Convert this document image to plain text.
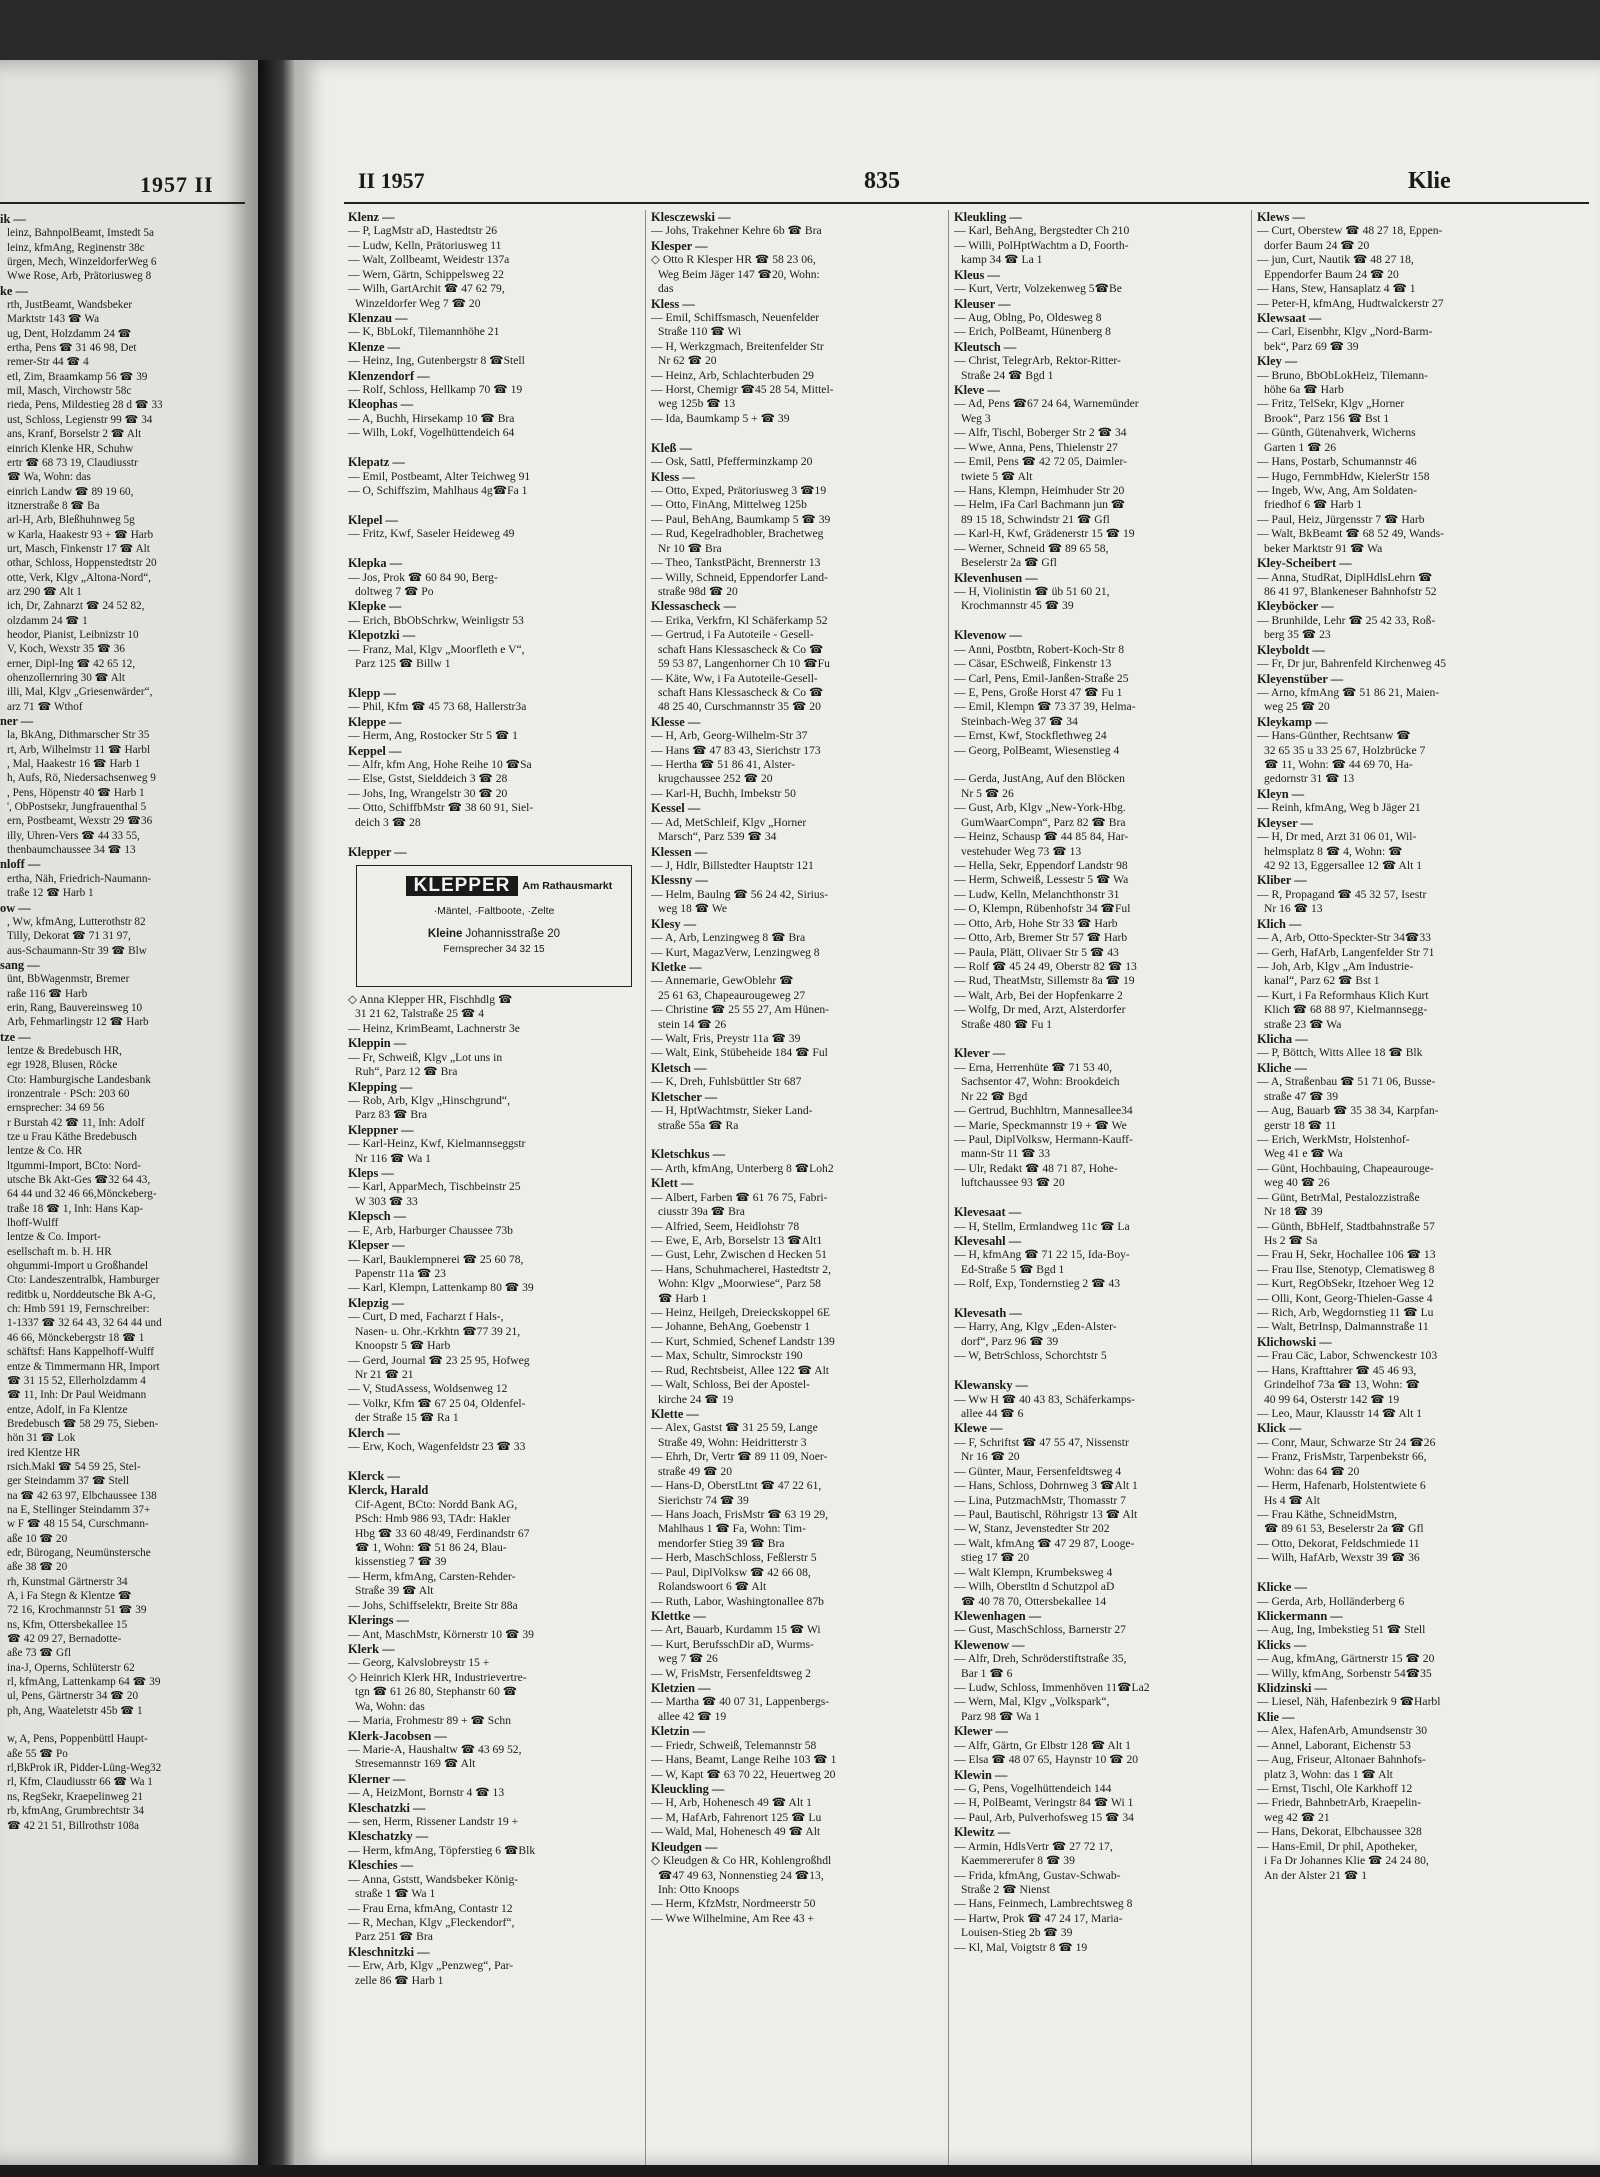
1957 II
ik —
leinz, BahnpolBeamt, Imstedt 5a
leinz, kfmAng, Reginenstr 38c
ürgen, Mech, WinzeldorferWeg 6
Wwe Rose, Arb, Prätoriusweg 8
ke —
rth, JustBeamt, Wandsbeker
Marktstr 143 ☎ Wa
ug, Dent, Holzdamm 24 ☎
ertha, Pens ☎ 31 46 98, Det
remer-Str 44 ☎ 4
etl, Zim, Braamkamp 56 ☎ 39
mil, Masch, Virchowstr 58c
rieda, Pens, Mildestieg 28 d ☎ 33
ust, Schloss, Legienstr 99 ☎ 34
ans, Kranf, Borselstr 2 ☎ Alt
einrich Klenke HR, Schuhw
ertr ☎ 68 73 19, Claudiusstr
☎ Wa, Wohn: das
einrich Landw ☎ 89 19 60,
itznerstraße 8 ☎ Ba
arl-H, Arb, Bleßhuhnweg 5g
w Karla, Haakestr 93 + ☎ Harb
urt, Masch, Finkenstr 17 ☎ Alt
othar, Schloss, Hoppenstedtstr 20
otte, Verk, Klgv „Altona-Nord“,
arz 290 ☎ Alt 1
ich, Dr, Zahnarzt ☎ 24 52 82,
olzdamm 24 ☎ 1
heodor, Pianist, Leibnizstr 10
V, Koch, Wexstr 35 ☎ 36
erner, Dipl-Ing ☎ 42 65 12,
ohenzollernring 30 ☎ Alt
illi, Mal, Klgv „Griesenwärder“,
arz 71 ☎ Wthof
ner —
la, BkAng, Dithmarscher Str 35
rt, Arb, Wilhelmstr 11 ☎ Harbl
, Mal, Haakestr 16 ☎ Harb 1
h, Aufs, Rö, Niedersachsenweg 9
, Pens, Höpenstr 40 ☎ Harb 1
', ObPostsekr, Jungfrauenthal 5
ern, Postbeamt, Wexstr 29 ☎36
illy, Uhren-Vers ☎ 44 33 55,
thenbaumchaussee 34 ☎ 13
nloff —
ertha, Näh, Friedrich-Naumann-
traße 12 ☎ Harb 1
ow —
, Ww, kfmAng, Lutterothstr 82
Tilly, Dekorat ☎ 71 31 97,
aus-Schaumann-Str 39 ☎ Blw
sang —
ünt, BbWagenmstr, Bremer
raße 116 ☎ Harb
erin, Rang, Bauvereinsweg 10
Arb, Fehmarlingstr 12 ☎ Harb
tze —
lentze & Bredebusch HR,
egr 1928, Blusen, Röcke
Cto: Hamburgische Landesbank
ironzentrale · PSch: 203 60
ernsprecher: 34 69 56
r Burstah 42 ☎ 11, Inh: Adolf
tze u Frau Käthe Bredebusch
lentze & Co. HR
ltgummi-Import, BCto: Nord-
utsche Bk Akt-Ges ☎32 64 43,
64 44 und 32 46 66,Mönckeberg-
traße 18 ☎ 1, Inh: Hans Kap-
lhoff-Wulff
lentze & Co. Import-
esellschaft m. b. H. HR
ohgummi-Import u Großhandel
Cto: Landeszentralbk, Hamburger
reditbk u, Norddeutsche Bk A-G,
ch: Hmb 591 19, Fernschreiber:
1-1337 ☎ 32 64 43, 32 64 44 und
46 66, Mönckebergstr 18 ☎ 1
schäftsf: Hans Kappelhoff-Wulff
entze & Timmermann HR, Import
☎ 31 15 52, Ellerholzdamm 4
☎ 11, Inh: Dr Paul Weidmann
entze, Adolf, in Fa Klentze
Bredebusch ☎ 58 29 75, Sieben-
hön 31 ☎ Lok
ired Klentze HR
rsich.Makl ☎ 54 59 25, Stel-
ger Steindamm 37 ☎ Stell
na ☎ 42 63 97, Elbchaussee 138
na E, Stellinger Steindamm 37+
w F ☎ 48 15 54, Curschmann-
aße 10 ☎ 20
edr, Bürogang, Neumünstersche
aße 38 ☎ 20
rh, Kunstmal Gärtnerstr 34
A, i Fa Stegn & Klentze ☎
72 16, Krochmannstr 51 ☎ 39
ns, Kfm, Ottersbekallee 15
☎ 42 09 27, Bernadotte-
aße 73 ☎ Gfl
ina-J, Operns, Schlüterstr 62
rl, kfmAng, Lattenkamp 64 ☎ 39
ul, Pens, Gärtnerstr 34 ☎ 20
ph, Ang, Waateletstr 45b ☎ 1

w, A, Pens, Poppenbüttl Haupt-
aße 55 ☎ Po
rl,BkProk iR, Pidder-Lüng-Weg32
rl, Kfm, Claudiusstr 66 ☎ Wa 1
ns, RegSekr, Kraepelinweg 21
rb, kfmAng, Grumbrechtstr 34
☎ 42 21 51, Billrothstr 108a
II 1957	835	Klie
Klenz —
— P, LagMstr aD, Hastedtstr 26
— Ludw, Kelln, Prätoriusweg 11
— Walt, Zollbeamt, Weidestr 137a
— Wern, Gärtn, Schippelsweg 22
— Wilh, GartArchit ☎ 47 62 79,
Winzeldorfer Weg 7 ☎ 20
Klenzau —
— K, BbLokf, Tilemannhöhe 21
Klenze —
— Heinz, Ing, Gutenbergstr 8 ☎Stell
Klenzendorf —
— Rolf, Schloss, Hellkamp 70 ☎ 19
Kleophas —
— A, Buchh, Hirsekamp 10 ☎ Bra
— Wilh, Lokf, Vogelhüttendeich 64

Klepatz —
— Emil, Postbeamt, Alter Teichweg 91
— O, Schiffszim, Mahlhaus 4g☎Fa 1

Klepel —
— Fritz, Kwf, Saseler Heideweg 49

Klepka —
— Jos, Prok ☎ 60 84 90, Berg-
doltweg 7 ☎ Po
Klepke —
— Erich, BbObSchrkw, Weinligstr 53
Klepotzki —
— Franz, Mal, Klgv „Moorfleth e V“,
Parz 125 ☎ Billw 1

Klepp —
— Phil, Kfm ☎ 45 73 68, Hallerstr3a
Kleppe —
— Herm, Ang, Rostocker Str 5 ☎ 1
Keppel —
— Alfr, kfm Ang, Hohe Reihe 10 ☎Sa
— Else, Gstst, Sielddeich 3 ☎ 28
— Johs, Ing, Wrangelstr 30 ☎ 20
— Otto, SchiffbMstr ☎ 38 60 91, Siel-
deich 3 ☎ 28

Klepper —
KLEPPER	Am Rathausmarkt
·Mäntel, ·Faltboote, ·Zelte
Kleine Johannisstraße 20
Fernsprecher 34 32 15
◇ Anna Klepper HR, Fischhdlg ☎
31 21 62, Talstraße 25 ☎ 4
— Heinz, KrimBeamt, Lachnerstr 3e
Kleppin —
— Fr, Schweiß, Klgv „Lot uns in
Ruh“, Parz 12 ☎ Bra
Klepping —
— Rob, Arb, Klgv „Hinschgrund“,
Parz 83 ☎ Bra
Kleppner —
— Karl-Heinz, Kwf, Kielmannseggstr
Nr 116 ☎ Wa 1
Kleps —
— Karl, ApparMech, Tischbeinstr 25
W 303 ☎ 33
Klepsch —
— E, Arb, Harburger Chaussee 73b
Klepser —
— Karl, Bauklempnerei ☎ 25 60 78,
Papenstr 11a ☎ 23
— Karl, Klempn, Lattenkamp 80 ☎ 39
Klepzig —
— Curt, D med, Facharzt f Hals-,
Nasen- u. Ohr.-Krkhtn ☎77 39 21,
Knoopstr 5 ☎ Harb
— Gerd, Journal ☎ 23 25 95, Hofweg
Nr 21 ☎ 21
— V, StudAssess, Woldsenweg 12
— Volkr, Kfm ☎ 67 25 04, Oldenfel-
der Straße 15 ☎ Ra 1
Klerch —
— Erw, Koch, Wagenfeldstr 23 ☎ 33

Klerck —
Klerck, Harald
Cif-Agent, BCto: Nordd Bank AG,
PSch: Hmb 986 93, TAdr: Hakler
Hbg ☎ 33 60 48/49, Ferdinandstr 67
☎ 1, Wohn: ☎ 51 86 24, Blau-
kissenstieg 7 ☎ 39
— Herm, kfmAng, Carsten-Rehder-
Straße 39 ☎ Alt
— Johs, Schiffselektr, Breite Str 88a
Klerings —
— Ant, MaschMstr, Körnerstr 10 ☎ 39
Klerk —
— Georg, Kalvslobreystr 15 +
◇ Heinrich Klerk HR, Industrievertre-
tgn ☎ 61 26 80, Stephanstr 60 ☎
Wa, Wohn: das
— Maria, Frohmestr 89 + ☎ Schn
Klerk-Jacobsen —
— Marie-A, Haushaltw ☎ 43 69 52,
Stresemannstr 169 ☎ Alt
Klerner —
— A, HeizMont, Bornstr 4 ☎ 13
Kleschatzki —
— sen, Herm, Rissener Landstr 19 +
Kleschatzky —
— Herm, kfmAng, Töpferstieg 6 ☎Blk
Kleschies —
— Anna, Gststt, Wandsbeker König-
straße 1 ☎ Wa 1
— Frau Erna, kfmAng, Contastr 12
— R, Mechan, Klgv „Fleckendorf“,
Parz 251 ☎ Bra
Kleschnitzki —
— Erw, Arb, Klgv „Penzweg“, Par-
zelle 86 ☎ Harb 1
Klesczewski —
— Johs, Trakehner Kehre 6b ☎ Bra
Klesper —
◇ Otto R Klesper HR ☎ 58 23 06,
Weg Beim Jäger 147 ☎20, Wohn:
das
Kless —
— Emil, Schiffsmasch, Neuenfelder
Straße 110 ☎ Wi
— H, Werkzgmach, Breitenfelder Str
Nr 62 ☎ 20
— Heinz, Arb, Schlachterbuden 29
— Horst, Chemigr ☎45 28 54, Mittel-
weg 125b ☎ 13
— Ida, Baumkamp 5 + ☎ 39

Kleß —
— Osk, Sattl, Pfefferminzkamp 20
Kless —
— Otto, Exped, Prätoriusweg 3 ☎19
— Otto, FinAng, Mittelweg 125b
— Paul, BehAng, Baumkamp 5 ☎ 39
— Rud, Kegelradhobler, Brachetweg
Nr 10 ☎ Bra
— Theo, TankstPächt, Brennerstr 13
— Willy, Schneid, Eppendorfer Land-
straße 98d ☎ 20
Klessascheck —
— Erika, Verkfrn, Kl Schäferkamp 52
— Gertrud, i Fa Autoteile - Gesell-
schaft Hans Klessascheck & Co ☎
59 53 87, Langenhorner Ch 10 ☎Fu
— Käte, Ww, i Fa Autoteile-Gesell-
schaft Hans Klessascheck & Co ☎
48 25 40, Curschmannstr 35 ☎ 20
Klesse —
— H, Arb, Georg-Wilhelm-Str 37
— Hans ☎ 47 83 43, Sierichstr 173
— Hertha ☎ 51 86 41, Alster-
krugchaussee 252 ☎ 20
— Karl-H, Buchh, Imbekstr 50
Kessel —
— Ad, MetSchleif, Klgv „Horner
Marsch“, Parz 539 ☎ 34
Klessen —
— J, Hdlr, Billstedter Hauptstr 121
Klessny —
— Helm, Baulng ☎ 56 24 42, Sirius-
weg 18 ☎ We
Klesy —
— A, Arb, Lenzingweg 8 ☎ Bra
— Kurt, MagazVerw, Lenzingweg 8
Kletke —
— Annemarie, GewOblehr ☎
25 61 63, Chapeaurougeweg 27
— Christine ☎ 25 55 27, Am Hünen-
stein 14 ☎ 26
— Walt, Fris, Preystr 11a ☎ 39
— Walt, Eink, Stübeheide 184 ☎ Ful
Kletsch —
— K, Dreh, Fuhlsbüttler Str 687
Kletscher —
— H, HptWachtmstr, Sieker Land-
straße 55a ☎ Ra

Kletschkus —
— Arth, kfmAng, Unterberg 8 ☎Loh2
Klett —
— Albert, Farben ☎ 61 76 75, Fabri-
ciusstr 39a ☎ Bra
— Alfried, Seem, Heidlohstr 78
— Ewe, E, Arb, Borselstr 13 ☎Alt1
— Gust, Lehr, Zwischen d Hecken 51
— Hans, Schuhmacherei, Hastedtstr 2,
Wohn: Klgv „Moorwiese“, Parz 58
☎ Harb 1
— Heinz, Heilgeh, Dreieckskoppel 6E
— Johanne, BehAng, Goebenstr 1
— Kurt, Schmied, Schenef Landstr 139
— Max, Schultr, Simrockstr 190
— Rud, Rechtsbeist, Allee 122 ☎ Alt
— Walt, Schloss, Bei der Apostel-
kirche 24 ☎ 19
Klette —
— Alex, Gastst ☎ 31 25 59, Lange
Straße 49, Wohn: Heidritterstr 3
— Ehrh, Dr, Vertr ☎ 89 11 09, Noer-
straße 49 ☎ 20
— Hans-D, OberstLtnt ☎ 47 22 61,
Sierichstr 74 ☎ 39
— Hans Joach, FrisMstr ☎ 63 19 29,
Mahlhaus 1 ☎ Fa, Wohn: Tim-
mendorfer Stieg 39 ☎ Bra
— Herb, MaschSchloss, Feßlerstr 5
— Paul, DiplVolksw ☎ 42 66 08,
Rolandswoort 6 ☎ Alt
— Ruth, Labor, Washingtonallee 87b
Klettke —
— Art, Bauarb, Kurdamm 15 ☎ Wi
— Kurt, BerufsschDir aD, Wurms-
weg 7 ☎ 26
— W, FrisMstr, Fersenfeldtsweg 2
Kletzien —
— Martha ☎ 40 07 31, Lappenbergs-
allee 42 ☎ 19
Kletzin —
— Friedr, Schweiß, Telemannstr 58
— Hans, Beamt, Lange Reihe 103 ☎ 1
— W, Kapt ☎ 63 70 22, Heuertweg 20
Kleuckling —
— H, Arb, Hohenesch 49 ☎ Alt 1
— M, HafArb, Fahrenort 125 ☎ Lu
— Wald, Mal, Hohenesch 49 ☎ Alt
Kleudgen —
◇ Kleudgen & Co HR, Kohlengroßhdl
☎47 49 63, Nonnenstieg 24 ☎13,
Inh: Otto Knoops
— Herm, KfzMstr, Nordmeerstr 50
— Wwe Wilhelmine, Am Ree 43 +
Kleukling —
— Karl, BehAng, Bergstedter Ch 210
— Willi, PolHptWachtm a D, Foorth-
kamp 34 ☎ La 1
Kleus —
— Kurt, Vertr, Volzekenweg 5☎Be
Kleuser —
— Aug, Oblng, Po, Oldesweg 8
— Erich, PolBeamt, Hünenberg 8
Kleutsch —
— Christ, TelegrArb, Rektor-Ritter-
Straße 24 ☎ Bgd 1
Kleve —
— Ad, Pens ☎67 24 64, Warnemünder
Weg 3
— Alfr, Tischl, Boberger Str 2 ☎ 34
— Wwe, Anna, Pens, Thielenstr 27
— Emil, Pens ☎ 42 72 05, Daimler-
twiete 5 ☎ Alt
— Hans, Klempn, Heimhuder Str 20
— Helm, iFa Carl Bachmann jun ☎
89 15 18, Schwindstr 21 ☎ Gfl
— Karl-H, Kwf, Grädenerstr 15 ☎ 19
— Werner, Schneid ☎ 89 65 58,
Beselerstr 2a ☎ Gfl
Klevenhusen —
— H, Violinistin ☎ üb 51 60 21,
Krochmannstr 45 ☎ 39

Klevenow —
— Anni, Postbtn, Robert-Koch-Str 8
— Cäsar, ESchweiß, Finkenstr 13
— Carl, Pens, Emil-Janßen-Straße 25
— E, Pens, Große Horst 47 ☎ Fu 1
— Emil, Klempn ☎ 73 37 39, Helma-
Steinbach-Weg 37 ☎ 34
— Ernst, Kwf, Stockflethweg 24
— Georg, PolBeamt, Wiesenstieg 4

— Gerda, JustAng, Auf den Blöcken
Nr 5 ☎ 26
— Gust, Arb, Klgv „New-York-Hbg.
GumWaarCompn“, Parz 82 ☎ Bra
— Heinz, Schausp ☎ 44 85 84, Har-
vestehuder Weg 73 ☎ 13
— Hella, Sekr, Eppendorf Landstr 98
— Herm, Schweiß, Lessestr 5 ☎ Wa
— Ludw, Kelln, Melanchthonstr 31
— O, Klempn, Rübenhofstr 34 ☎Ful
— Otto, Arb, Hohe Str 33 ☎ Harb
— Otto, Arb, Bremer Str 57 ☎ Harb
— Paula, Plätt, Olivaer Str 5 ☎ 43
— Rolf ☎ 45 24 49, Oberstr 82 ☎ 13
— Rud, TheatMstr, Sillemstr 8a ☎ 19
— Walt, Arb, Bei der Hopfenkarre 2
— Wolfg, Dr med, Arzt, Alsterdorfer
Straße 480 ☎ Fu 1

Klever —
— Erna, Herrenhüte ☎ 71 53 40,
Sachsentor 47, Wohn: Brookdeich
Nr 22 ☎ Bgd
— Gertrud, Buchhltrn, Mannesallee34
— Marie, Speckmannstr 19 + ☎ We
— Paul, DiplVolksw, Hermann-Kauff-
mann-Str 11 ☎ 33
— Ulr, Redakt ☎ 48 71 87, Hohe-
luftchaussee 93 ☎ 20

Klevesaat —
— H, Stellm, Ermlandweg 11c ☎ La
Klevesahl —
— H, kfmAng ☎ 71 22 15, Ida-Boy-
Ed-Straße 5 ☎ Bgd 1
— Rolf, Exp, Tondernstieg 2 ☎ 43

Klevesath —
— Harry, Ang, Klgv „Eden-Alster-
dorf“, Parz 96 ☎ 39
— W, BetrSchloss, Schorchtstr 5

Klewansky —
— Ww H ☎ 40 43 83, Schäferkamps-
allee 44 ☎ 6
Klewe —
— F, Schriftst ☎ 47 55 47, Nissenstr
Nr 16 ☎ 20
— Günter, Maur, Fersenfeldtsweg 4
— Hans, Schloss, Dohrnweg 3 ☎Alt 1
— Lina, PutzmachMstr, Thomasstr 7
— Paul, Bautischl, Röhrigstr 13 ☎ Alt
— W, Stanz, Jevenstedter Str 202
— Walt, kfmAng ☎ 47 29 87, Looge-
stieg 17 ☎ 20
— Walt Klempn, Krumbeksweg 4
— Wilh, Oberstltn d Schutzpol aD
☎ 40 78 70, Ottersbekallee 14
Klewenhagen —
— Gust, MaschSchloss, Barnerstr 27
Klewenow —
— Alfr, Dreh, Schröderstiftstraße 35,
Bar 1 ☎ 6
— Ludw, Schloss, Immenhöven 11☎La2
— Wern, Mal, Klgv „Volkspark“,
Parz 98 ☎ Wa 1
Klewer —
— Alfr, Gärtn, Gr Elbstr 128 ☎ Alt 1
— Elsa ☎ 48 07 65, Haynstr 10 ☎ 20
Klewin —
— G, Pens, Vogelhüttendeich 144
— H, PolBeamt, Veringstr 84 ☎ Wi 1
— Paul, Arb, Pulverhofsweg 15 ☎ 34
Klewitz —
— Armin, HdlsVertr ☎ 27 72 17,
Kaemmererufer 8 ☎ 39
— Frida, kfmAng, Gustav-Schwab-
Straße 2 ☎ Nienst
— Hans, Feinmech, Lambrechtsweg 8
— Hartw, Prok ☎ 47 24 17, Maria-
Louisen-Stieg 2b ☎ 39
— Kl, Mal, Voigtstr 8 ☎ 19
Klews —
— Curt, Oberstew ☎ 48 27 18, Eppen-
dorfer Baum 24 ☎ 20
— jun, Curt, Nautik ☎ 48 27 18,
Eppendorfer Baum 24 ☎ 20
— Hans, Stew, Hansaplatz 4 ☎ 1
— Peter-H, kfmAng, Hudtwalckerstr 27
Klewsaat —
— Carl, Eisenbhr, Klgv „Nord-Barm-
bek“, Parz 69 ☎ 39
Kley —
— Bruno, BbObLokHeiz, Tilemann-
höhe 6a ☎ Harb
— Fritz, TelSekr, Klgv „Horner
Brook“, Parz 156 ☎ Bst 1
— Günth, Gütenahverk, Wicherns
Garten 1 ☎ 26
— Hans, Postarb, Schumannstr 46
— Hugo, FernmbHdw, KielerStr 158
— Ingeb, Ww, Ang, Am Soldaten-
friedhof 6 ☎ Harb 1
— Paul, Heiz, Jürgensstr 7 ☎ Harb
— Walt, BkBeamt ☎ 68 52 49, Wands-
beker Marktstr 91 ☎ Wa
Kley-Scheibert —
— Anna, StudRat, DiplHdlsLehrn ☎
86 41 97, Blankeneser Bahnhofstr 52
Kleyböcker —
— Brunhilde, Lehr ☎ 25 42 33, Roß-
berg 35 ☎ 23
Kleyboldt —
— Fr, Dr jur, Bahrenfeld Kirchenweg 45
Kleyenstüber —
— Arno, kfmAng ☎ 51 86 21, Maien-
weg 25 ☎ 20
Kleykamp —
— Hans-Günther, Rechtsanw ☎
32 65 35 u 33 25 67, Holzbrücke 7
☎ 11, Wohn: ☎ 44 69 70, Ha-
gedornstr 31 ☎ 13
Kleyn —
— Reinh, kfmAng, Weg b Jäger 21
Kleyser —
— H, Dr med, Arzt 31 06 01, Wil-
helmsplatz 8 ☎ 4, Wohn: ☎
42 92 13, Eggersallee 12 ☎ Alt 1
Kliber —
— R, Propagand ☎ 45 32 57, Isestr
Nr 16 ☎ 13
Klich —
— A, Arb, Otto-Speckter-Str 34☎33
— Gerh, HafArb, Langenfelder Str 71
— Joh, Arb, Klgv „Am Industrie-
kanal“, Parz 62 ☎ Bst 1
— Kurt, i Fa Reformhaus Klich Kurt
Klich ☎ 68 88 97, Kielmannsegg-
straße 23 ☎ Wa
Klicha —
— P, Böttch, Witts Allee 18 ☎ Blk
Kliche —
— A, Straßenbau ☎ 51 71 06, Busse-
straße 47 ☎ 39
— Aug, Bauarb ☎ 35 38 34, Karpfan-
gerstr 18 ☎ 11
— Erich, WerkMstr, Holstenhof-
Weg 41 e ☎ Wa
— Günt, Hochbauing, Chapeaurouge-
weg 40 ☎ 26
— Günt, BetrMal, Pestalozzistraße
Nr 18 ☎ 39
— Günth, BbHelf, Stadtbahnstraße 57
Hs 2 ☎ Sa
— Frau H, Sekr, Hochallee 106 ☎ 13
— Frau Ilse, Stenotyp, Clematisweg 8
— Kurt, RegObSekr, Itzehoer Weg 12
— Olli, Kont, Georg-Thielen-Gasse 4
— Rich, Arb, Wegdornstieg 11 ☎ Lu
— Walt, BetrInsp, Dalmannstraße 11
Klichowski —
— Frau Cäc, Labor, Schwenckestr 103
— Hans, Krafttahrer ☎ 45 46 93,
Grindelhof 73a ☎ 13, Wohn: ☎
40 99 64, Osterstr 142 ☎ 19
— Leo, Maur, Klausstr 14 ☎ Alt 1
Klick —
— Conr, Maur, Schwarze Str 24 ☎26
— Franz, FrisMstr, Tarpenbekstr 66,
Wohn: das 64 ☎ 20
— Herm, Hafenarb, Holstentwiete 6
Hs 4 ☎ Alt
— Frau Käthe, SchneidMstrn,
☎ 89 61 53, Beselerstr 2a ☎ Gfl
— Otto, Dekorat, Feldschmiede 11
— Wilh, HafArb, Wexstr 39 ☎ 36

Klicke —
— Gerda, Arb, Holländerberg 6
Klickermann —
— Aug, Ing, Imbekstieg 51 ☎ Stell
Klicks —
— Aug, kfmAng, Gärtnerstr 15 ☎ 20
— Willy, kfmAng, Sorbenstr 54☎35
Klidzinski —
— Liesel, Näh, Hafenbezirk 9 ☎Harbl
Klie —
— Alex, HafenArb, Amundsenstr 30
— Annel, Laborant, Eichenstr 53
— Aug, Friseur, Altonaer Bahnhofs-
platz 3, Wohn: das 1 ☎ Alt
— Ernst, Tischl, Ole Karkhoff 12
— Friedr, BahnbetrArb, Kraepelin-
weg 42 ☎ 21
— Hans, Dekorat, Elbchaussee 328
— Hans-Emil, Dr phil, Apotheker,
i Fa Dr Johannes Klie ☎ 24 24 80,
An der Alster 21 ☎ 1
